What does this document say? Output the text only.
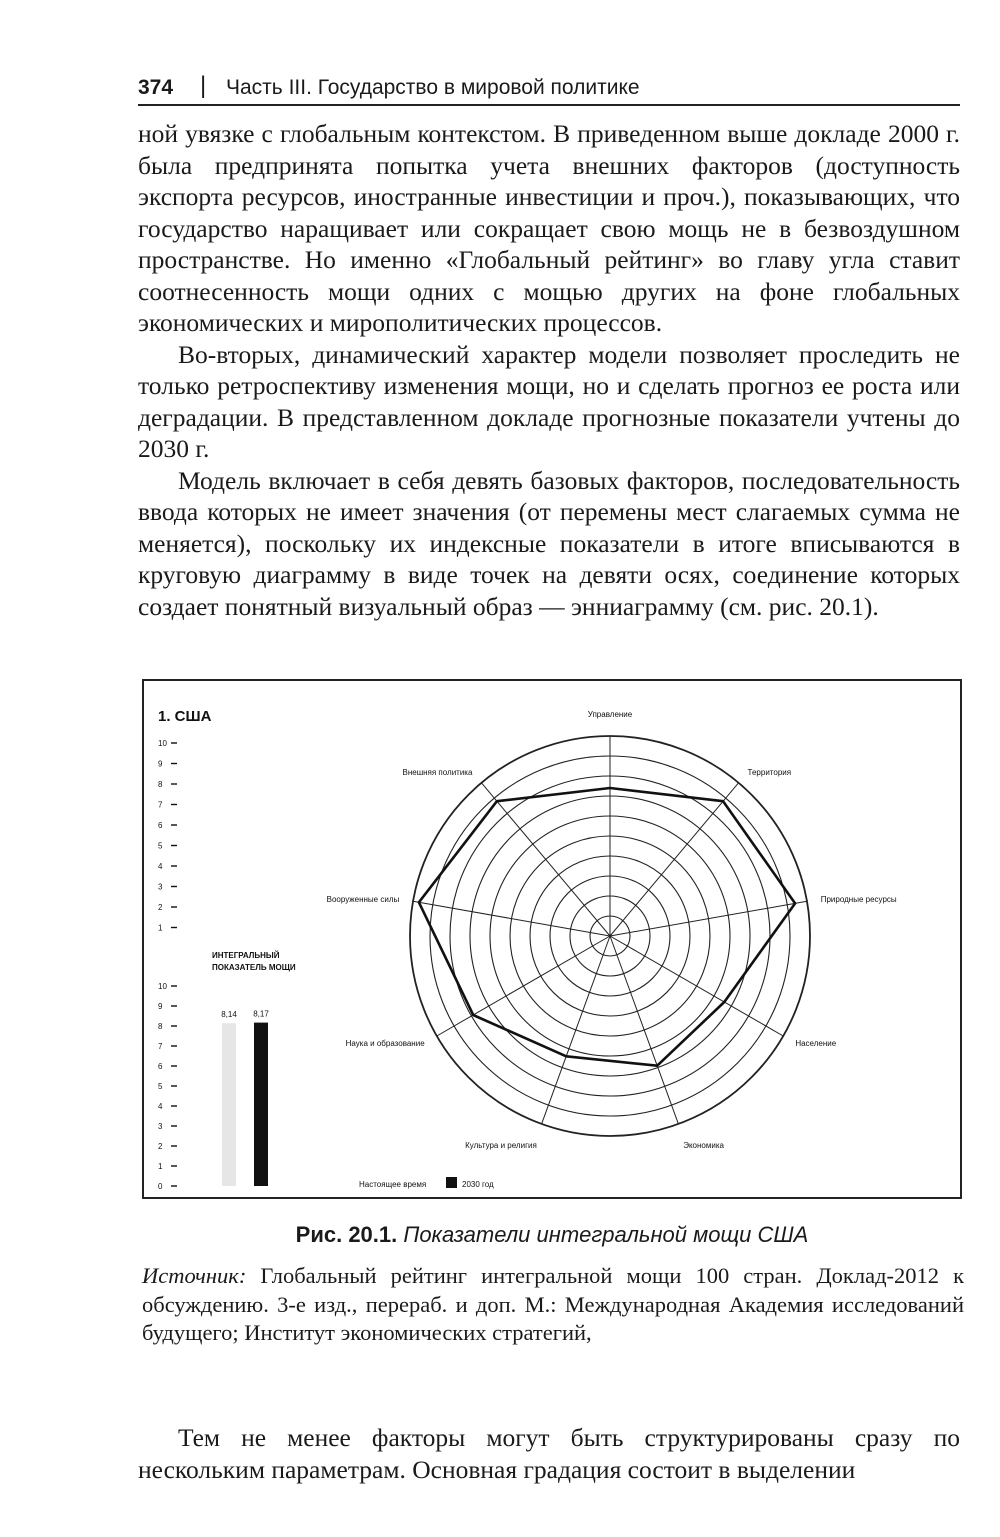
374 | Часть III. Государство в мировой политике

ной увязке с глобальным контекстом. В приведенном выше докладе 2000 г. была предпринята попытка учета внешних факторов (доступность экспорта ресурсов, иностранные инвестиции и проч.), показывающих, что государство наращивает или сокращает свою мощь не в безвоздушном пространстве. Но именно «Глобальный рейтинг» во главу угла ставит соотнесенность мощи одних с мощью других на фоне глобальных экономических и мирополитических процессов.

Во-вторых, динамический характер модели позволяет проследить не только ретроспективу изменения мощи, но и сделать прогноз ее роста или деградации. В представленном докладе прогнозные показатели учтены до 2030 г.

Модель включает в себя девять базовых факторов, последовательность ввода которых не имеет значения (от перемены мест слагаемых сумма не меняется), поскольку их индексные показатели в итоге вписываются в круговую диаграмму в виде точек на девяти осях, соединение которых создает понятный визуальный образ — энниаграмму (см. рис. 20.1).

1. США
10
9
8
7
6
5
4
3
2
1
ИНТЕГРАЛЬНЫЙ
ПОКАЗАТЕЛЬ МОЩИ
10
9
8
7
6
5
4
3
2
1
0
8,14 8,17
Управление
Территория
Природные ресурсы
Население
Экономика
Культура и религия
Наука и образование
Вооруженные силы
Внешняя политика
Настоящее время	2030 год
Рис. 20.1. Показатели интегральной мощи США

Источник: Глобальный рейтинг интегральной мощи 100 стран. Доклад-2012 к обсуждению. 3-е изд., перераб. и доп. М.: Международная Академия исследований будущего; Институт экономических стратегий,

Тем не менее факторы могут быть структурированы сразу по нескольким параметрам. Основная градация состоит в выделении
